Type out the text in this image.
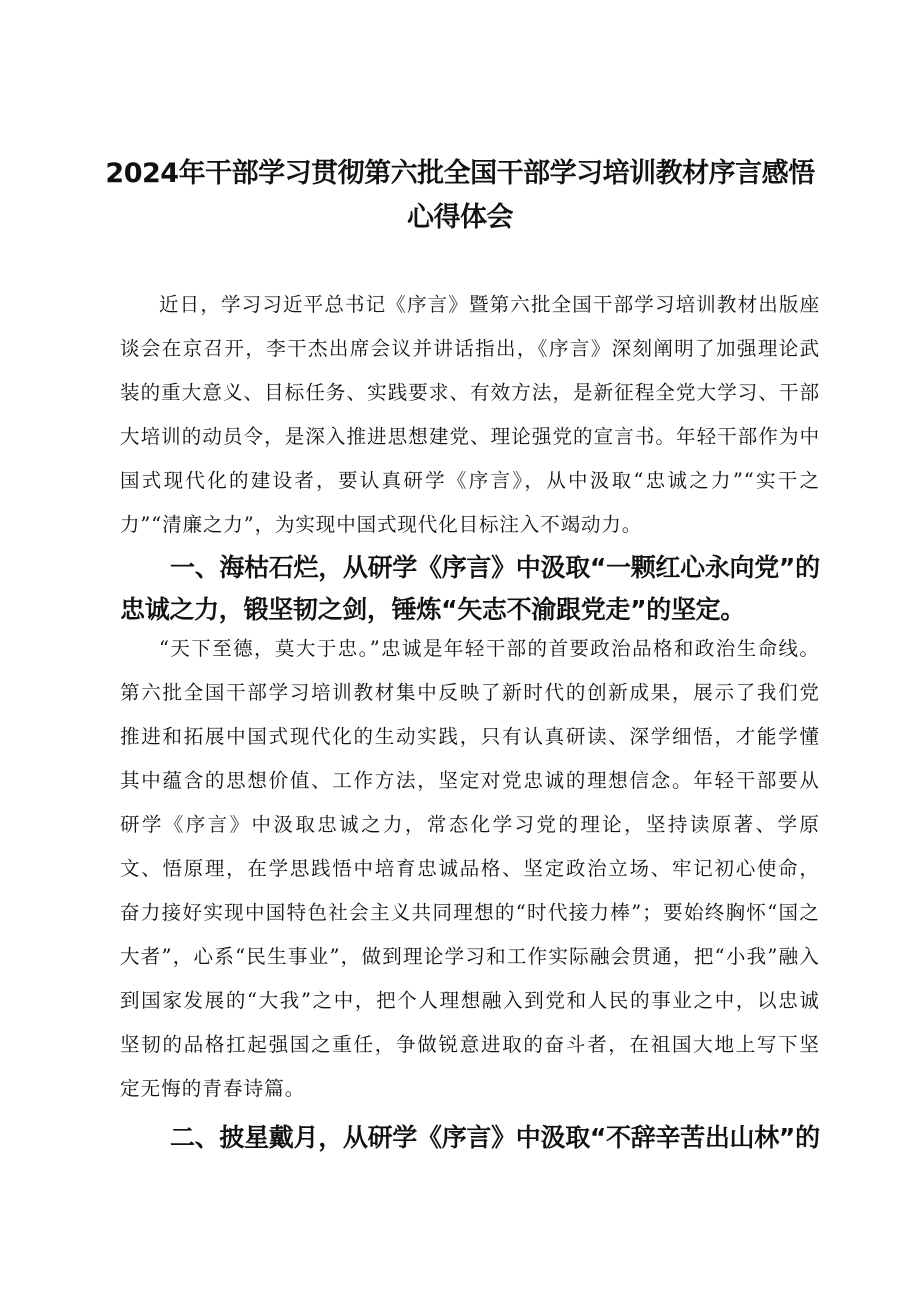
2024年干部学习贯彻第六批全国干部学习培训教材序言感悟
心得体会

近日，学习习近平总书记《序言》暨第六批全国干部学习培训教材出版座谈会在京召开，李干杰出席会议并讲话指出，《序言》深刻阐明了加强理论武装的重大意义、目标任务、实践要求、有效方法，是新征程全党大学习、干部大培训的动员令，是深入推进思想建党、理论强党的宣言书。年轻干部作为中国式现代化的建设者，要认真研学《序言》，从中汲取“忠诚之力”“实干之力”“清廉之力”，为实现中国式现代化目标注入不竭动力。

一、海枯石烂，从研学《序言》中汲取“一颗红心永向党”的忠诚之力，锻坚韧之剑，锤炼“矢志不渝跟党走”的坚定。

“天下至德，莫大于忠。”忠诚是年轻干部的首要政治品格和政治生命线。第六批全国干部学习培训教材集中反映了新时代的创新成果，展示了我们党推进和拓展中国式现代化的生动实践，只有认真研读、深学细悟，才能学懂其中蕴含的思想价值、工作方法，坚定对党忠诚的理想信念。年轻干部要从研学《序言》中汲取忠诚之力，常态化学习党的理论，坚持读原著、学原文、悟原理，在学思践悟中培育忠诚品格、坚定政治立场、牢记初心使命，奋力接好实现中国特色社会主义共同理想的“时代接力棒”；要始终胸怀“国之大者”，心系“民生事业”，做到理论学习和工作实际融会贯通，把“小我”融入到国家发展的“大我”之中，把个人理想融入到党和人民的事业之中，以忠诚坚韧的品格扛起强国之重任，争做锐意进取的奋斗者，在祖国大地上写下坚定无悔的青春诗篇。

二、披星戴月，从研学《序言》中汲取“不辞辛苦出山林”的
